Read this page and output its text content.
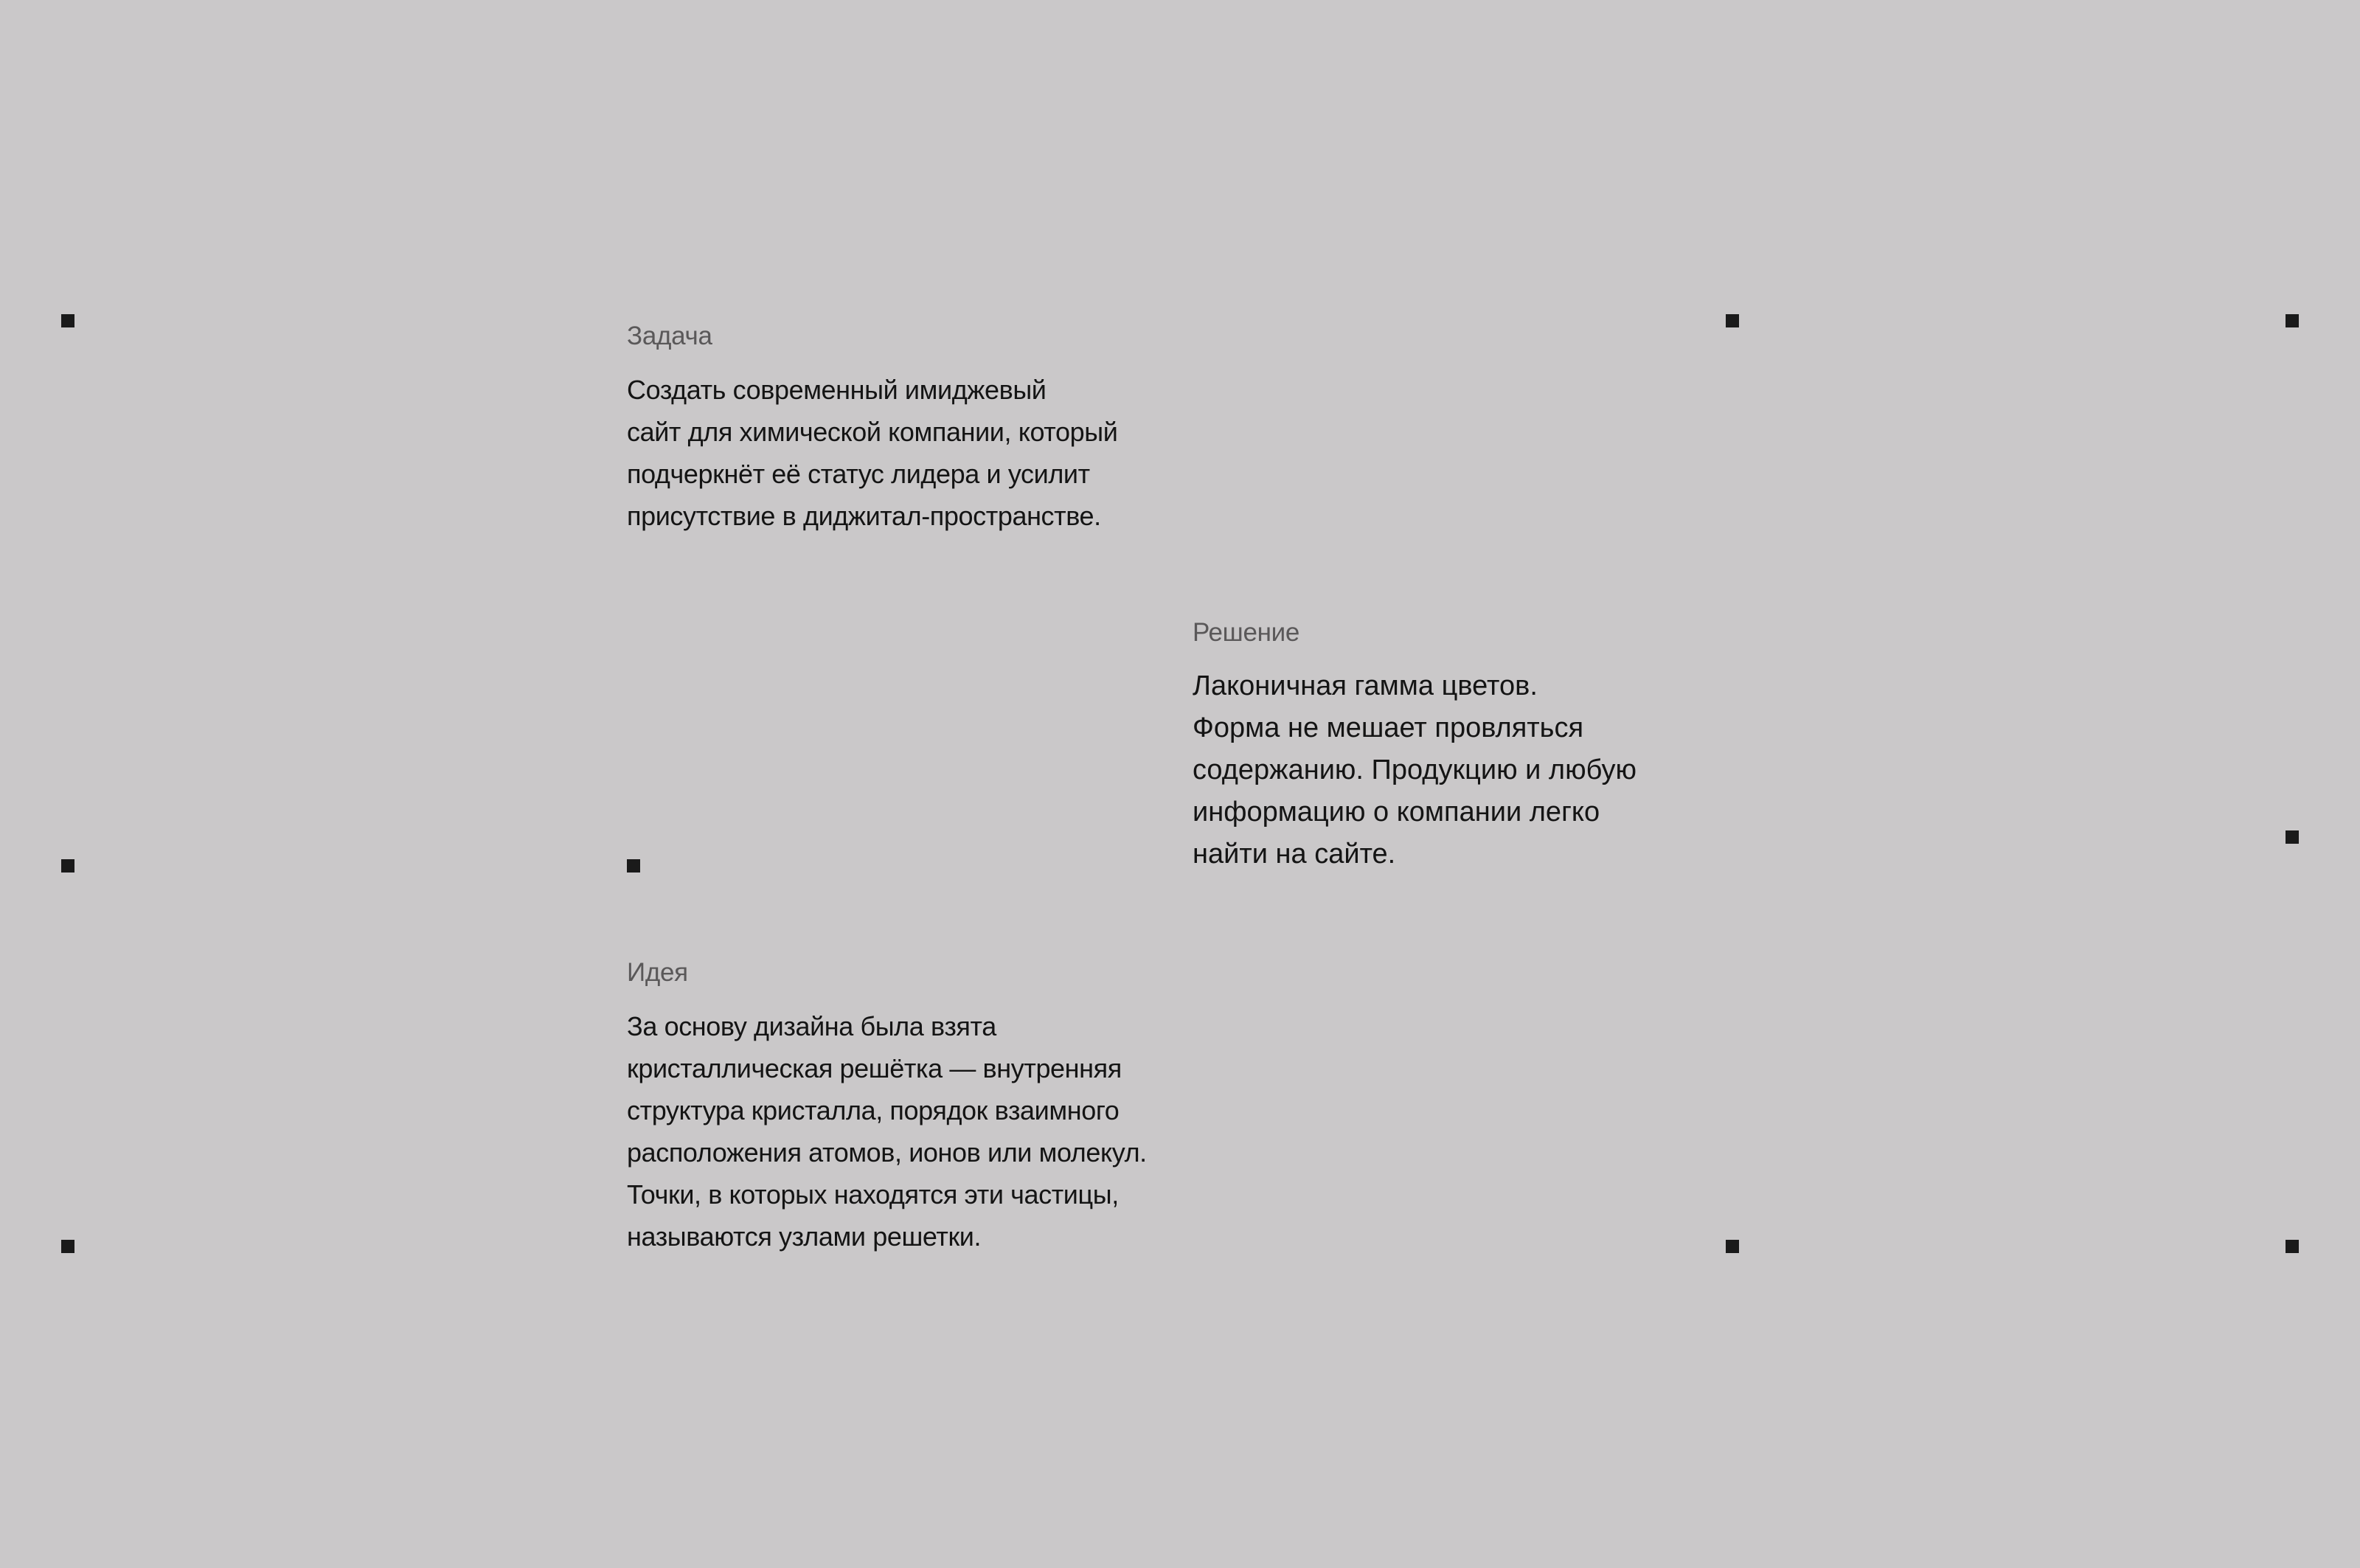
Задача

Создать современный имиджевый
сайт для химической компании, который
подчеркнёт её статус лидера и усилит
присутствие в диджитал-пространстве.

Решение

Лаконичная гамма цветов.
Форма не мешает провляться
содержанию. Продукцию и любую
информацию о компании легко
найти на сайте.

Идея

За основу дизайна была взята
кристаллическая решётка — внутренняя
структура кристалла, порядок взаимного
расположения атомов, ионов или молекул.
Точки, в которых находятся эти частицы,
называются узлами решетки.
